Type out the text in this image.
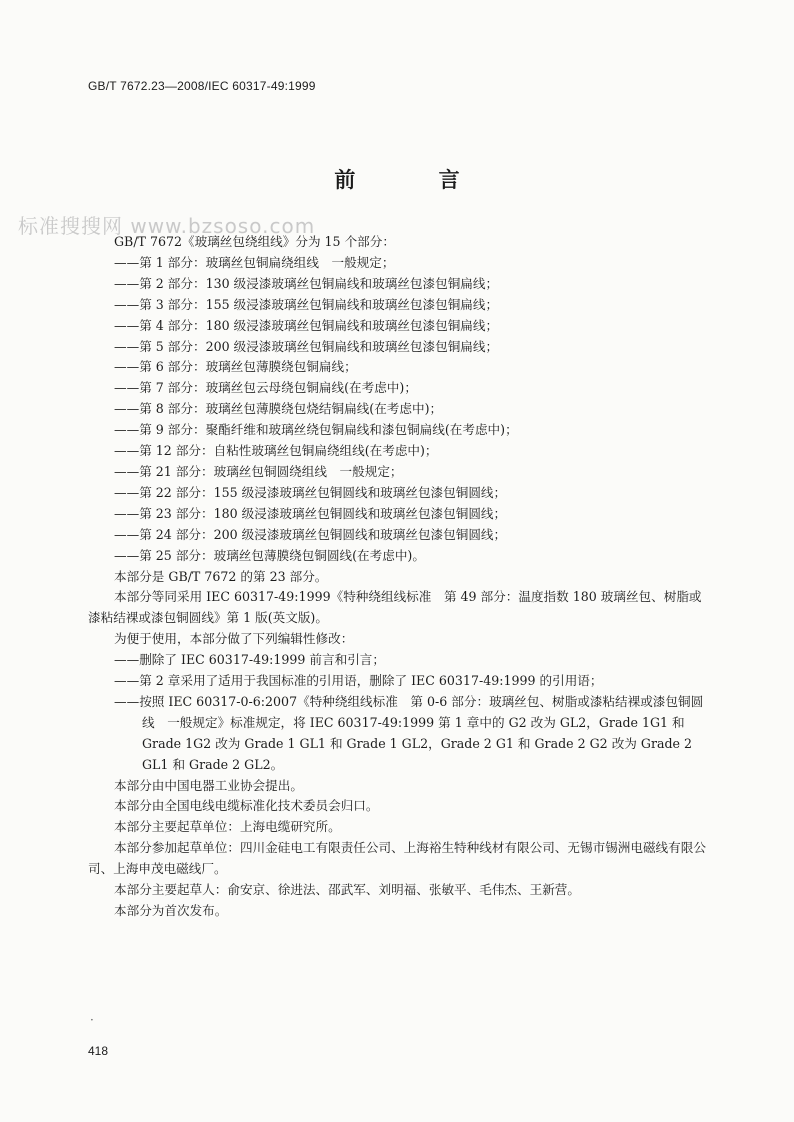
GB/T 7672.23—2008/IEC 60317-49:1999
标准搜搜网 www.bzsoso.com
前 言

GB/T 7672《玻璃丝包绕组线》分为 15 个部分：

——第 1 部分：玻璃丝包铜扁绕组线　一般规定；

——第 2 部分：130 级浸漆玻璃丝包铜扁线和玻璃丝包漆包铜扁线；

——第 3 部分：155 级浸漆玻璃丝包铜扁线和玻璃丝包漆包铜扁线；

——第 4 部分：180 级浸漆玻璃丝包铜扁线和玻璃丝包漆包铜扁线；

——第 5 部分：200 级浸漆玻璃丝包铜扁线和玻璃丝包漆包铜扁线；

——第 6 部分：玻璃丝包薄膜绕包铜扁线；

——第 7 部分：玻璃丝包云母绕包铜扁线(在考虑中)；

——第 8 部分：玻璃丝包薄膜绕包烧结铜扁线(在考虑中)；

——第 9 部分：聚酯纤维和玻璃丝绕包铜扁线和漆包铜扁线(在考虑中)；

——第 12 部分：自粘性玻璃丝包铜扁绕组线(在考虑中)；

——第 21 部分：玻璃丝包铜圆绕组线　一般规定；

——第 22 部分：155 级浸漆玻璃丝包铜圆线和玻璃丝包漆包铜圆线；

——第 23 部分：180 级浸漆玻璃丝包铜圆线和玻璃丝包漆包铜圆线；

——第 24 部分：200 级浸漆玻璃丝包铜圆线和玻璃丝包漆包铜圆线；

——第 25 部分：玻璃丝包薄膜绕包铜圆线(在考虑中)。

本部分是 GB/T 7672 的第 23 部分。

本部分等同采用 IEC 60317-49:1999《特种绕组线标准　第 49 部分：温度指数 180 玻璃丝包、树脂或漆粘结裸或漆包铜圆线》第 1 版(英文版)。

为便于使用，本部分做了下列编辑性修改：

——删除了 IEC 60317-49:1999 前言和引言；

——第 2 章采用了适用于我国标准的引用语，删除了 IEC 60317-49:1999 的引用语；

——按照 IEC 60317-0-6:2007《特种绕组线标准　第 0-6 部分：玻璃丝包、树脂或漆粘结裸或漆包铜圆线　一般规定》标准规定，将 IEC 60317-49:1999 第 1 章中的 G2 改为 GL2，Grade 1G1 和 Grade 1G2 改为 Grade 1 GL1 和 Grade 1 GL2，Grade 2 G1 和 Grade 2 G2 改为 Grade 2 GL1 和 Grade 2 GL2。

本部分由中国电器工业协会提出。

本部分由全国电线电缆标准化技术委员会归口。

本部分主要起草单位：上海电缆研究所。

本部分参加起草单位：四川金硅电工有限责任公司、上海裕生特种线材有限公司、无锡市锡洲电磁线有限公司、上海申茂电磁线厂。

本部分主要起草人：俞安京、徐进法、邵武军、刘明福、张敏平、毛伟杰、王新营。

本部分为首次发布。

·
418
